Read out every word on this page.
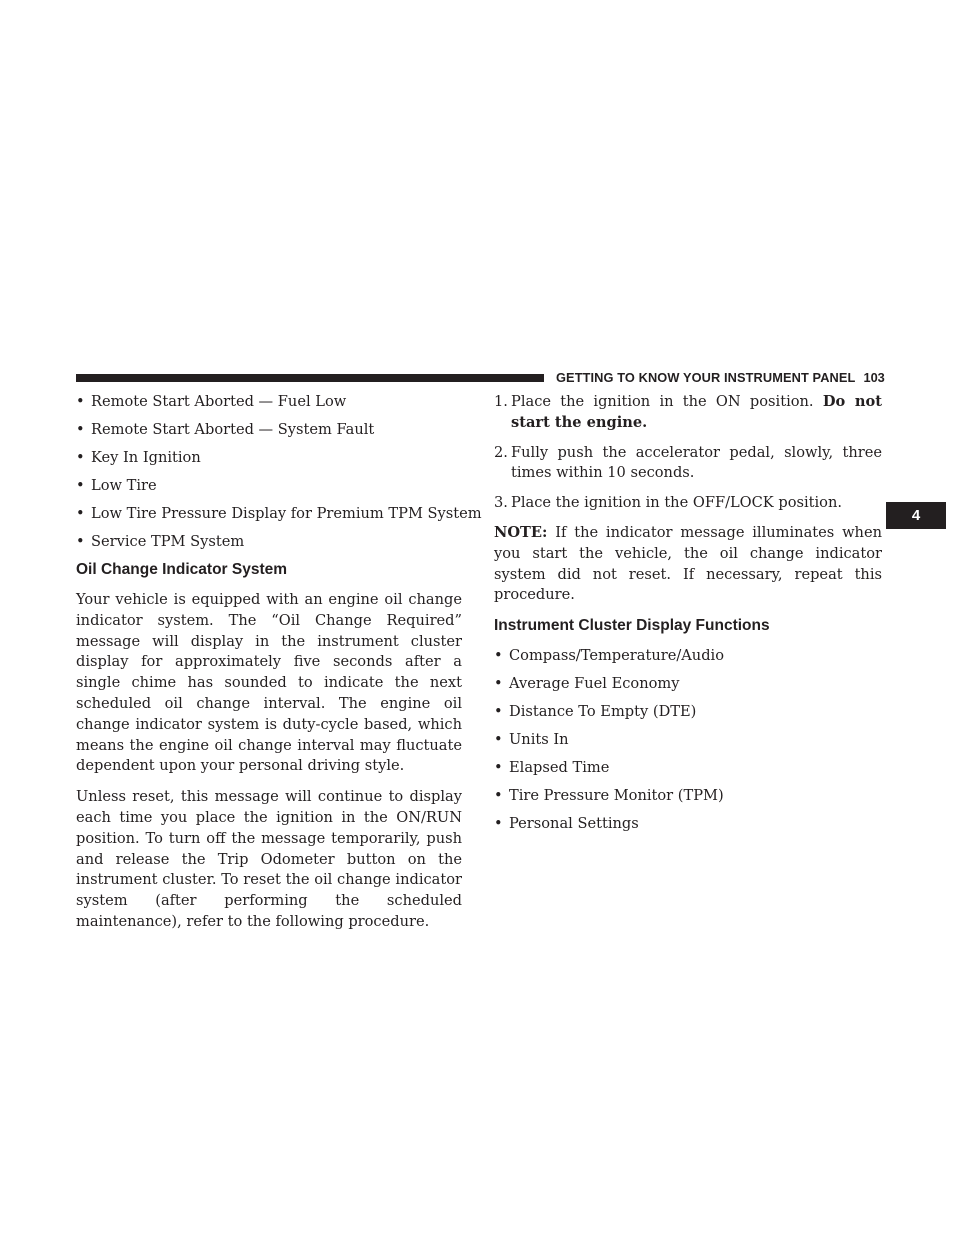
GETTING TO KNOW YOUR INSTRUMENT PANEL 103
4
• Remote Start Aborted — Fuel Low
• Remote Start Aborted — System Fault
• Key In Ignition
• Low Tire
• Low Tire Pressure Display for Premium TPM System
• Service TPM System
Oil Change Indicator System

Your vehicle is equipped with an engine oil change indicator system. The “Oil Change Required” message will display in the instrument cluster display for approximately five seconds after a single chime has sounded to indicate the next scheduled oil change interval. The engine oil change indicator system is duty-cycle based, which means the engine oil change interval may fluctuate dependent upon your personal driving style.

Unless reset, this message will continue to display each time you place the ignition in the ON/RUN position. To turn off the message temporarily, push and release the Trip Odometer button on the instrument cluster. To reset the oil change indicator system (after performing the scheduled maintenance), refer to the following procedure.

1. Place the ignition in the ON position. Do not start the engine.
2. Fully push the accelerator pedal, slowly, three times within 10 seconds.
3. Place the ignition in the OFF/LOCK position.

NOTE: If the indicator message illuminates when you start the vehicle, the oil change indicator system did not reset. If necessary, repeat this procedure.

Instrument Cluster Display Functions
• Compass/Temperature/Audio
• Average Fuel Economy
• Distance To Empty (DTE)
• Units In
• Elapsed Time
• Tire Pressure Monitor (TPM)
• Personal Settings
